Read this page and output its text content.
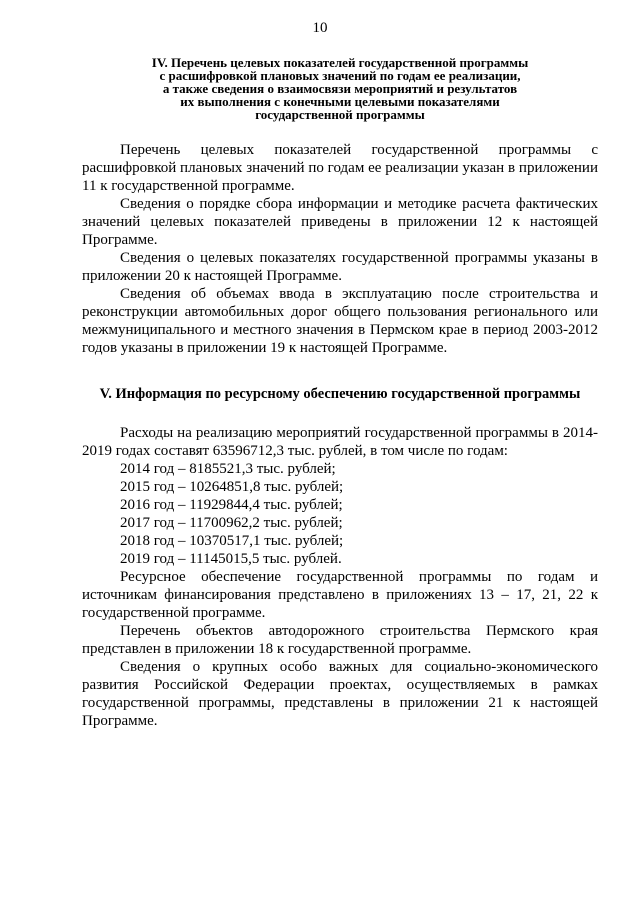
10
IV. Перечень целевых показателей государственной программы
с расшифровкой плановых значений по годам ее реализации,
а также сведения о взаимосвязи мероприятий и результатов
их выполнения с конечными целевыми показателями
государственной программы

Перечень целевых показателей государственной программы с расшифровкой плановых значений по годам ее реализации указан в приложении 11 к государственной программе.

Сведения о порядке сбора информации и методике расчета фактических значений целевых показателей приведены в приложении 12 к настоящей Программе.

Сведения о целевых показателях государственной программы указаны в приложении 20 к настоящей Программе.

Сведения об объемах ввода в эксплуатацию после строительства и реконструкции автомобильных дорог общего пользования регионального или межмуниципального и местного значения в Пермском крае в период 2003-2012 годов указаны в приложении 19 к настоящей Программе.

V. Информация по ресурсному обеспечению государственной программы

Расходы на реализацию мероприятий государственной программы в 2014-2019 годах составят 63596712,3 тыс. рублей, в том числе по годам:

2014 год – 8185521,3 тыс. рублей;

2015 год – 10264851,8 тыс. рублей;

2016 год – 11929844,4 тыс. рублей;

2017 год – 11700962,2 тыс. рублей;

2018 год – 10370517,1 тыс. рублей;

2019 год – 11145015,5 тыс. рублей.

Ресурсное обеспечение государственной программы по годам и источникам финансирования представлено в приложениях 13 – 17, 21, 22 к государственной программе.

Перечень объектов автодорожного строительства Пермского края представлен в приложении 18 к государственной программе.

Сведения о крупных особо важных для социально-экономического развития Российской Федерации проектах, осуществляемых в рамках государственной программы, представлены в приложении 21 к настоящей Программе.
